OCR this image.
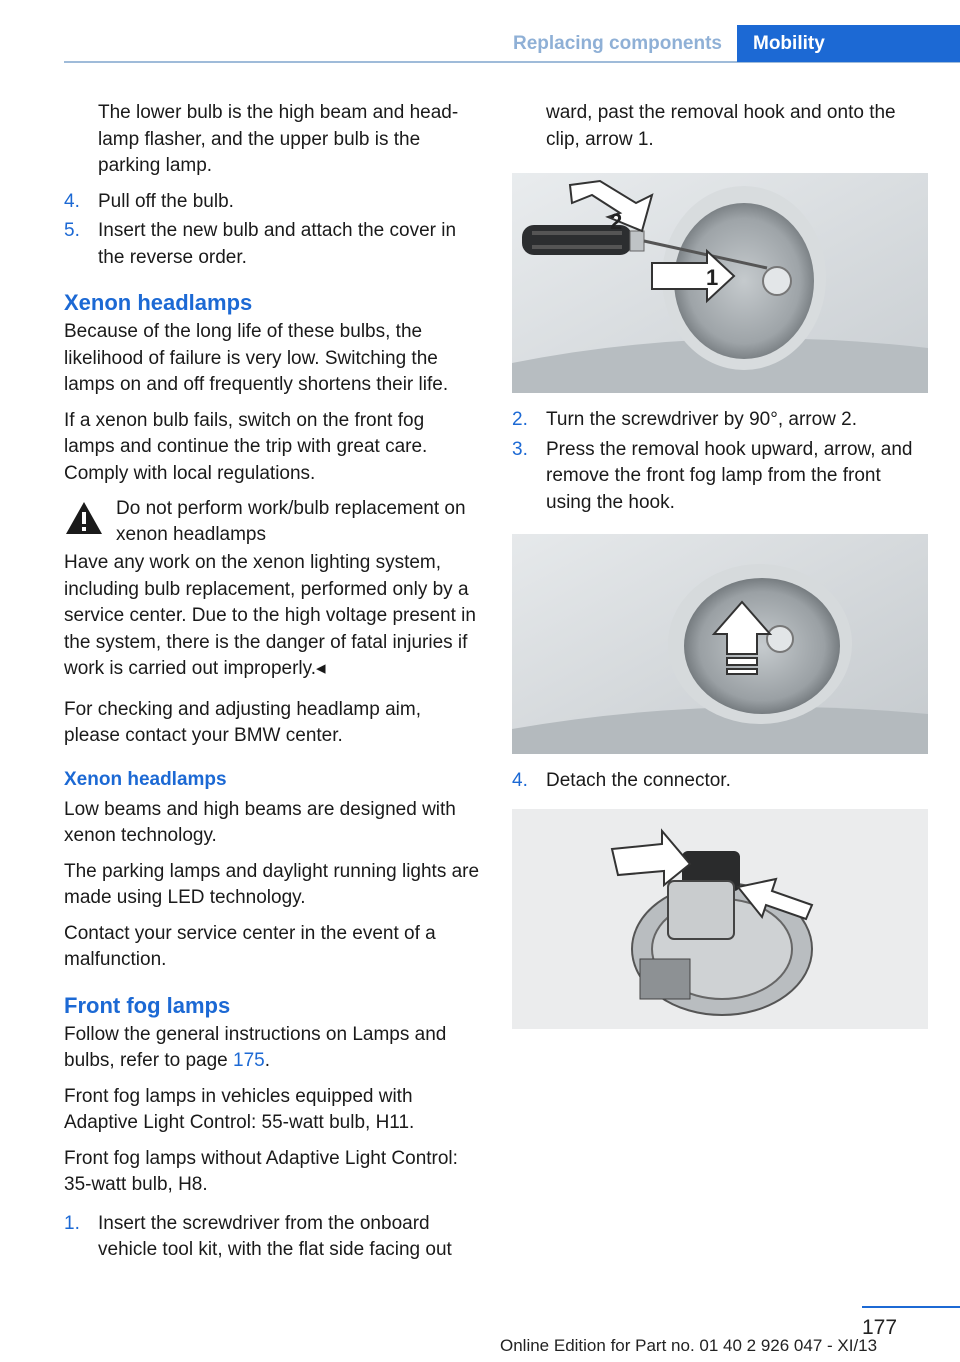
Replacing components	Mobility

The lower bulb is the high beam and headlamp flasher, and the upper bulb is the parking lamp.

4. Pull off the bulb.
5. Insert the new bulb and attach the cover in the reverse order.
Xenon headlamps

Because of the long life of these bulbs, the likelihood of failure is very low. Switching the lamps on and off frequently shortens their life.

If a xenon bulb fails, switch on the front fog lamps and continue the trip with great care. Comply with local regulations.

Do not perform work/bulb replacement on xenon headlamps

Have any work on the xenon lighting system, including bulb replacement, performed only by a service center. Due to the high voltage present in the system, there is the danger of fatal injuries if work is carried out improperly.◂

For checking and adjusting headlamp aim, please contact your BMW center.

Xenon headlamps

Low beams and high beams are designed with xenon technology.

The parking lamps and daylight running lights are made using LED technology.

Contact your service center in the event of a malfunction.

Front fog lamps

Follow the general instructions on Lamps and bulbs, refer to page 175.

Front fog lamps in vehicles equipped with Adaptive Light Control: 55-watt bulb, H11.

Front fog lamps without Adaptive Light Control: 35-watt bulb, H8.

1. Insert the screwdriver from the onboard vehicle tool kit, with the flat side facing out

ward, past the removal hook and onto the clip, arrow 1.

1
2
2. Turn the screwdriver by 90°, arrow 2.
3. Press the removal hook upward, arrow, and remove the front fog lamp from the front using the hook.
4. Detach the connector.
177
Online Edition for Part no. 01 40 2 926 047 - XI/13
